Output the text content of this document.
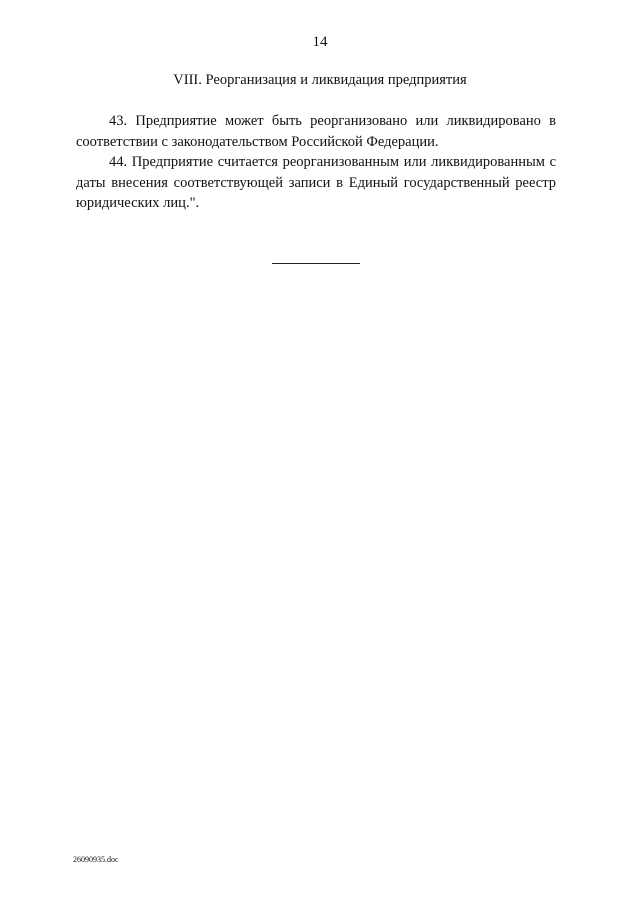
14
VIII. Реорганизация и ликвидация предприятия

43. Предприятие может быть реорганизовано или ликвидировано в соответствии с законодательством Российской Федерации.

44. Предприятие считается реорганизованным или ликвидированным с даты внесения соответствующей записи в Единый государственный реестр юридических лиц.".

26090935.doc
